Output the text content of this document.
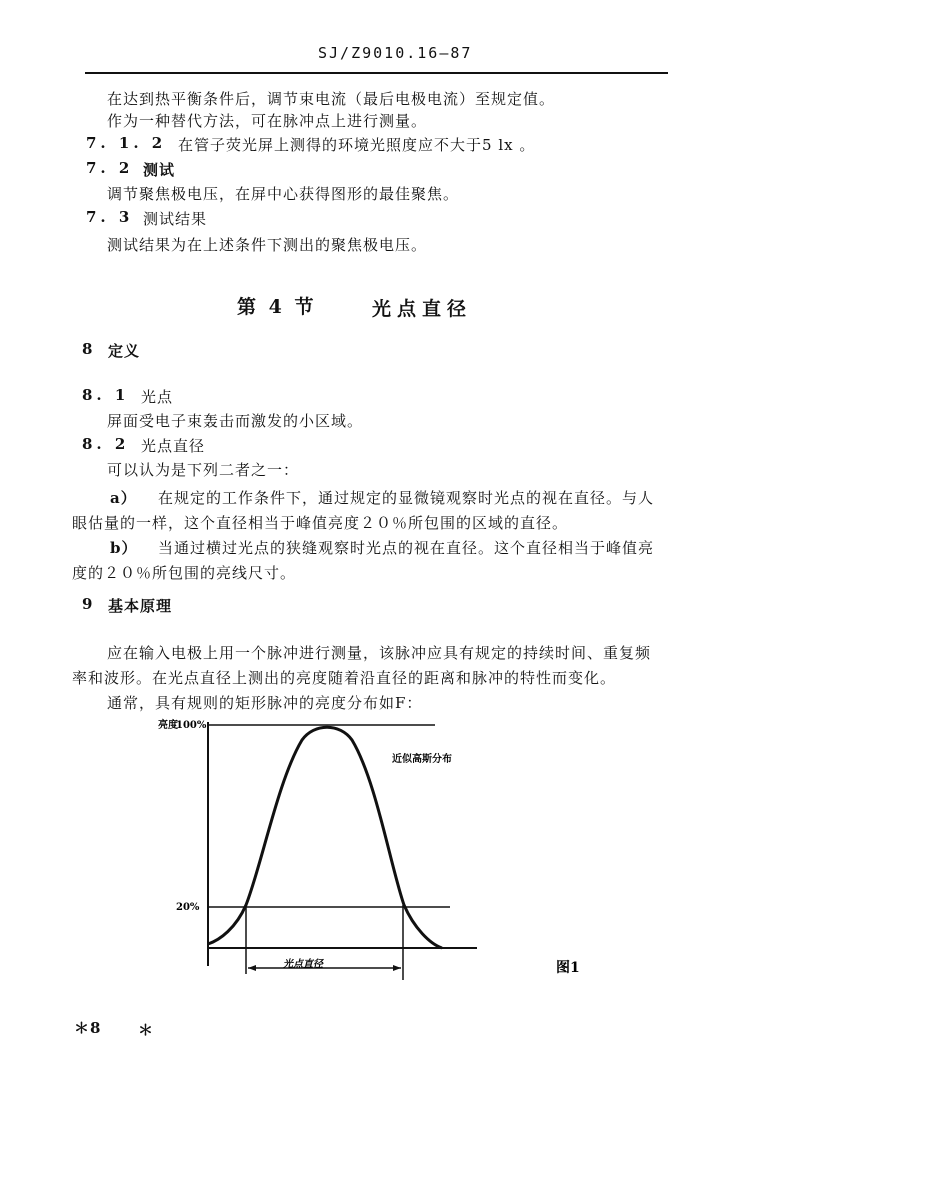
SJ/Z9010.16—87
在达到热平衡条件后，调节束电流（最后电极电流）至规定值。
作为一种替代方法，可在脉冲点上进行测量。
7. 1. 2 在管子荧光屏上测得的环境光照度应不大于5 lx 。
7. 2 测试
调节聚焦极电压，在屏中心获得图形的最佳聚焦。
7. 3 测试结果
测试结果为在上述条件下测出的聚焦极电压。
第 4 节	光点直径
8 定义
8. 1 光点
屏面受电子束轰击而激发的小区域。
8. 2 光点直径
可以认为是下列二者之一：
a） 在规定的工作条件下，通过规定的显微镜观察时光点的视在直径。与人
眼估量的一样，这个直径相当于峰值亮度２０％所包围的区域的直径。
b） 当通过横过光点的狭缝观察时光点的视在直径。这个直径相当于峰值亮
度的２０％所包围的亮线尺寸。
9 基本原理
应在输入电极上用一个脉冲进行测量，该脉冲应具有规定的持续时间、重复频
率和波形。在光点直径上测出的亮度随着沿直径的距离和脉冲的特性而变化。
通常，具有规则的矩形脉冲的亮度分布如F：
亮度
100%
20%
近似高斯分布
光点直径	图1
＊8 ＊
